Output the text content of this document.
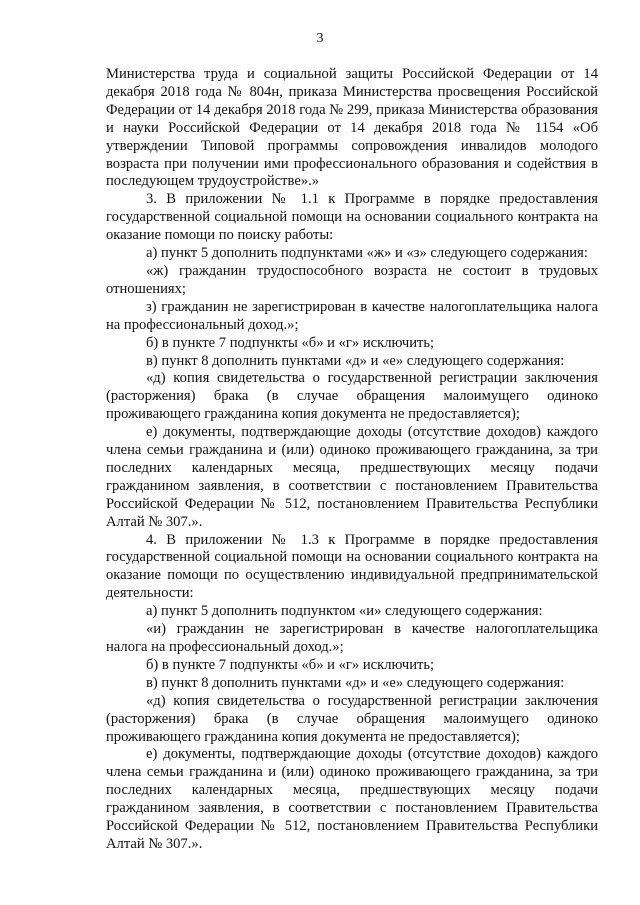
3

Министерства труда и социальной защиты Российской Федерации от 14 декабря 2018 года № 804н, приказа Министерства просвещения Российской Федерации от 14 декабря 2018 года № 299, приказа Министерства образования и науки Российской Федерации от 14 декабря 2018 года № 1154 «Об утверждении Типовой программы сопровождения инвалидов молодого возраста при получении ими профессионального образования и содействия в последующем трудоустройстве».»

3. В приложении № 1.1 к Программе в порядке предоставления государственной социальной помощи на основании социального контракта на оказание помощи по поиску работы:

а) пункт 5 дополнить подпунктами «ж» и «з» следующего содержания:

«ж) гражданин трудоспособного возраста не состоит в трудовых отношениях;

з) гражданин не зарегистрирован в качестве налогоплательщика налога на профессиональный доход.»;

б) в пункте 7 подпункты «б» и «г» исключить;

в) пункт 8 дополнить пунктами «д» и «е» следующего содержания:

«д) копия свидетельства о государственной регистрации заключения (расторжения) брака (в случае обращения малоимущего одиноко проживающего гражданина копия документа не предоставляется);

е) документы, подтверждающие доходы (отсутствие доходов) каждого члена семьи гражданина и (или) одиноко проживающего гражданина, за три последних календарных месяца, предшествующих месяцу подачи гражданином заявления, в соответствии с постановлением Правительства Российской Федерации № 512, постановлением Правительства Республики Алтай № 307.».

4. В приложении № 1.3 к Программе в порядке предоставления государственной социальной помощи на основании социального контракта на оказание помощи по осуществлению индивидуальной предпринимательской деятельности:

а) пункт 5 дополнить подпунктом «и» следующего содержания:

«и) гражданин не зарегистрирован в качестве налогоплательщика налога на профессиональный доход.»;

б) в пункте 7 подпункты «б» и «г» исключить;

в) пункт 8 дополнить пунктами «д» и «е» следующего содержания:

«д) копия свидетельства о государственной регистрации заключения (расторжения) брака (в случае обращения малоимущего одиноко проживающего гражданина копия документа не предоставляется);

е) документы, подтверждающие доходы (отсутствие доходов) каждого члена семьи гражданина и (или) одиноко проживающего гражданина, за три последних календарных месяца, предшествующих месяцу подачи гражданином заявления, в соответствии с постановлением Правительства Российской Федерации № 512, постановлением Правительства Республики Алтай № 307.».
